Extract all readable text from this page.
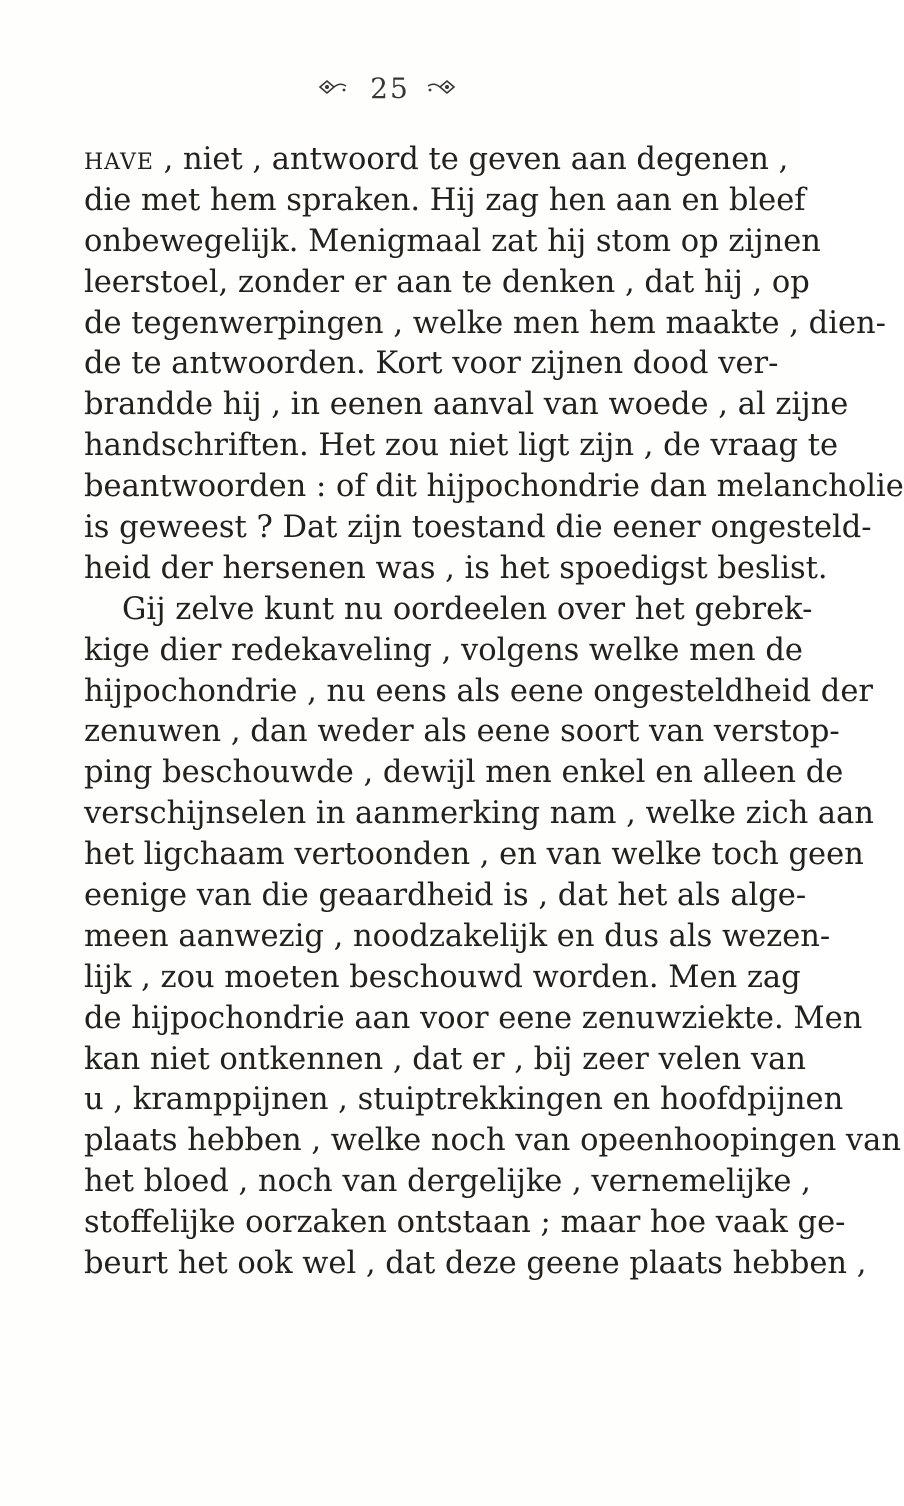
25
HAVE , niet , antwoord te geven aan degenen ,
die met hem spraken. Hij zag hen aan en bleef
onbewegelijk. Menigmaal zat hij stom op zijnen
leerstoel, zonder er aan te denken , dat hij , op
de tegenwerpingen , welke men hem maakte , dien-
de te antwoorden. Kort voor zijnen dood ver-
brandde hij , in eenen aanval van woede , al zijne
handschriften. Het zou niet ligt zijn , de vraag te
beantwoorden : of dit hijpochondrie dan melancholie
is geweest ? Dat zijn toestand die eener ongesteld-
heid der hersenen was , is het spoedigst beslist.
Gij zelve kunt nu oordeelen over het gebrek-
kige dier redekaveling , volgens welke men de
hijpochondrie , nu eens als eene ongesteldheid der
zenuwen , dan weder als eene soort van verstop-
ping beschouwde , dewijl men enkel en alleen de
verschijnselen in aanmerking nam , welke zich aan
het ligchaam vertoonden , en van welke toch geen
eenige van die geaardheid is , dat het als alge-
meen aanwezig , noodzakelijk en dus als wezen-
lijk , zou moeten beschouwd worden. Men zag
de hijpochondrie aan voor eene zenuwziekte. Men
kan niet ontkennen , dat er , bij zeer velen van
u , kramppijnen , stuiptrekkingen en hoofdpijnen
plaats hebben , welke noch van opeenhoopingen van
het bloed , noch van dergelijke , vernemelijke ,
stoffelijke oorzaken ontstaan ; maar hoe vaak ge-
beurt het ook wel , dat deze geene plaats hebben ,
